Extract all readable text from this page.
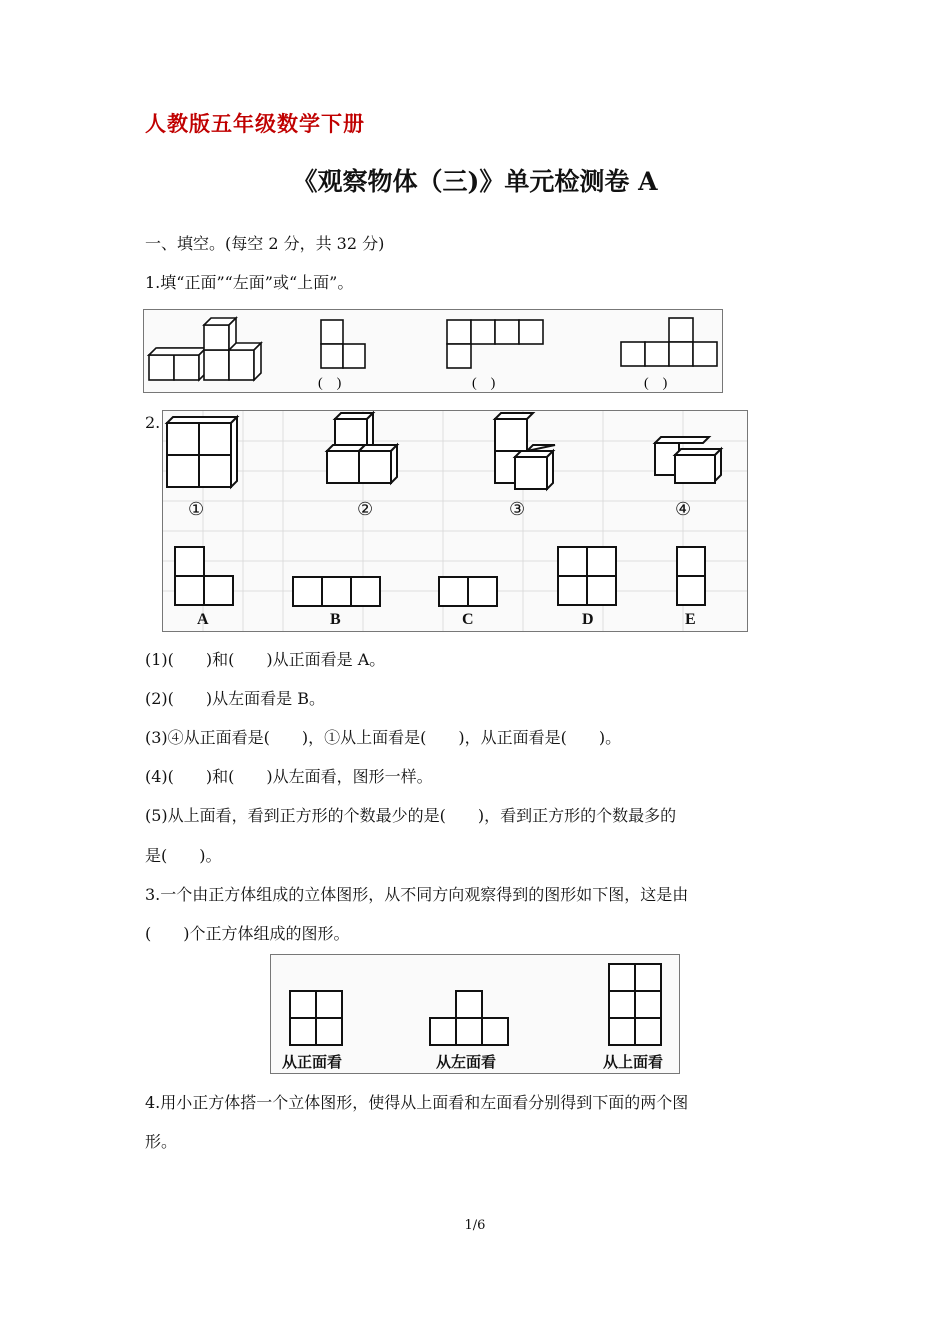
人教版五年级数学下册
《观察物体（三)》单元检测卷 A
一、填空。(每空 2 分，共 32 分)
1.填“正面”“左面”或“上面”。
(　)	(　)	(　)
2.
①	②	③	④
A	B	C	D	E
(1)(　　)和(　　)从正面看是 A。
(2)(　　)从左面看是 B。
(3)④从正面看是(　　)，①从上面看是(　　)，从正面看是(　　)。
(4)(　　)和(　　)从左面看，图形一样。
(5)从上面看，看到正方形的个数最少的是(　　)，看到正方形的个数最多的
是(　　)。
3.一个由正方体组成的立体图形，从不同方向观察得到的图形如下图，这是由
(　　)个正方体组成的图形。
从正面看	从左面看	从上面看
4.用小正方体搭一个立体图形，使得从上面看和左面看分别得到下面的两个图
形。
1/6
